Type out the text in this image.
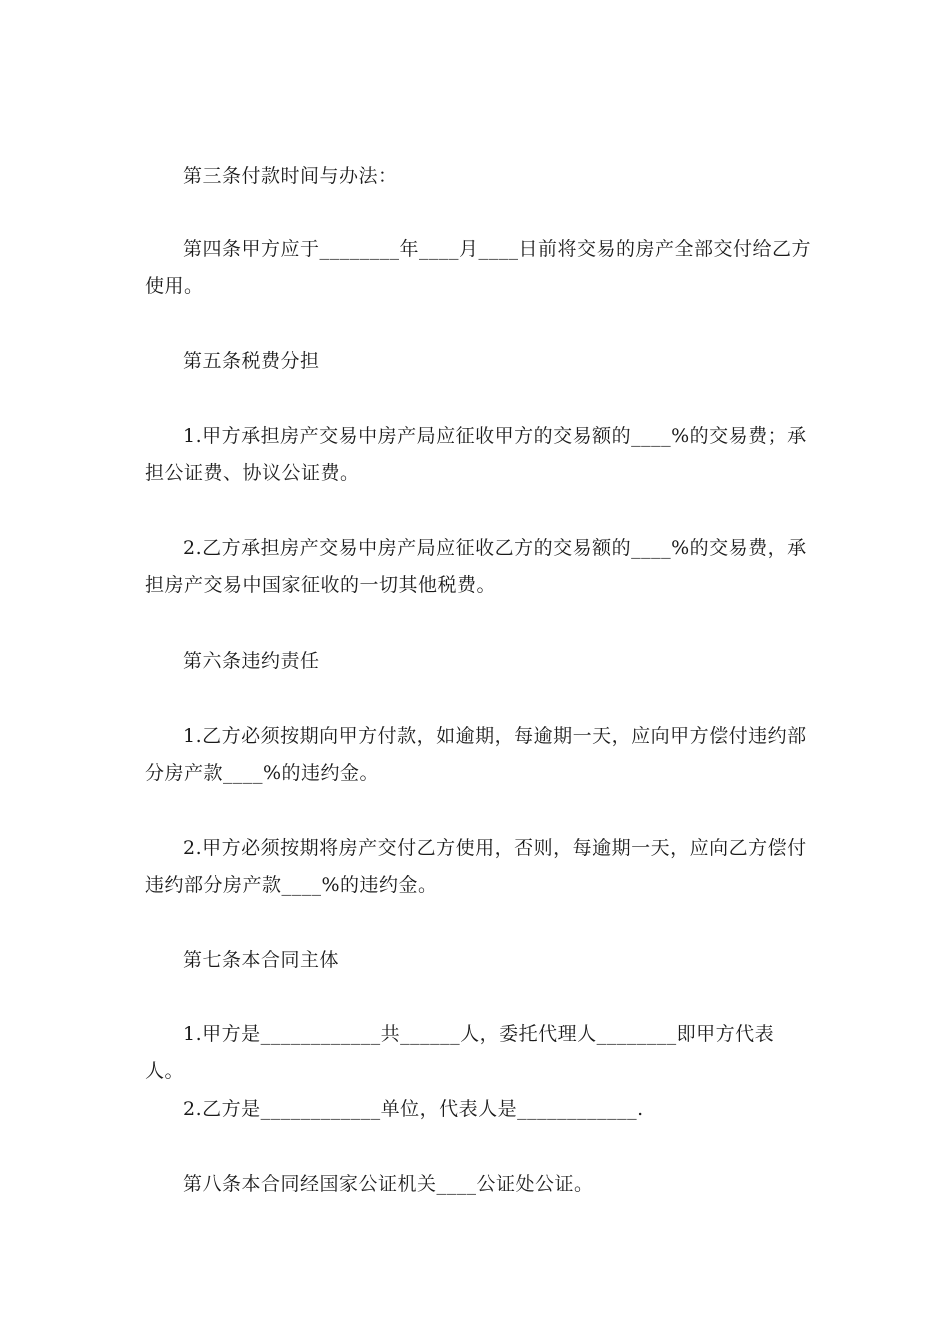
第三条付款时间与办法：

第四条甲方应于________年____月____日前将交易的房产全部交付给乙方使用。

第五条税费分担

1.甲方承担房产交易中房产局应征收甲方的交易额的____%的交易费；承担公证费、协议公证费。

2.乙方承担房产交易中房产局应征收乙方的交易额的____%的交易费，承担房产交易中国家征收的一切其他税费。

第六条违约责任

1.乙方必须按期向甲方付款，如逾期，每逾期一天，应向甲方偿付违约部分房产款____%的违约金。

2.甲方必须按期将房产交付乙方使用，否则，每逾期一天，应向乙方偿付违约部分房产款____%的违约金。

第七条本合同主体

1.甲方是____________共______人，委托代理人________即甲方代表人。

2.乙方是____________单位，代表人是____________.

第八条本合同经国家公证机关____公证处公证。
